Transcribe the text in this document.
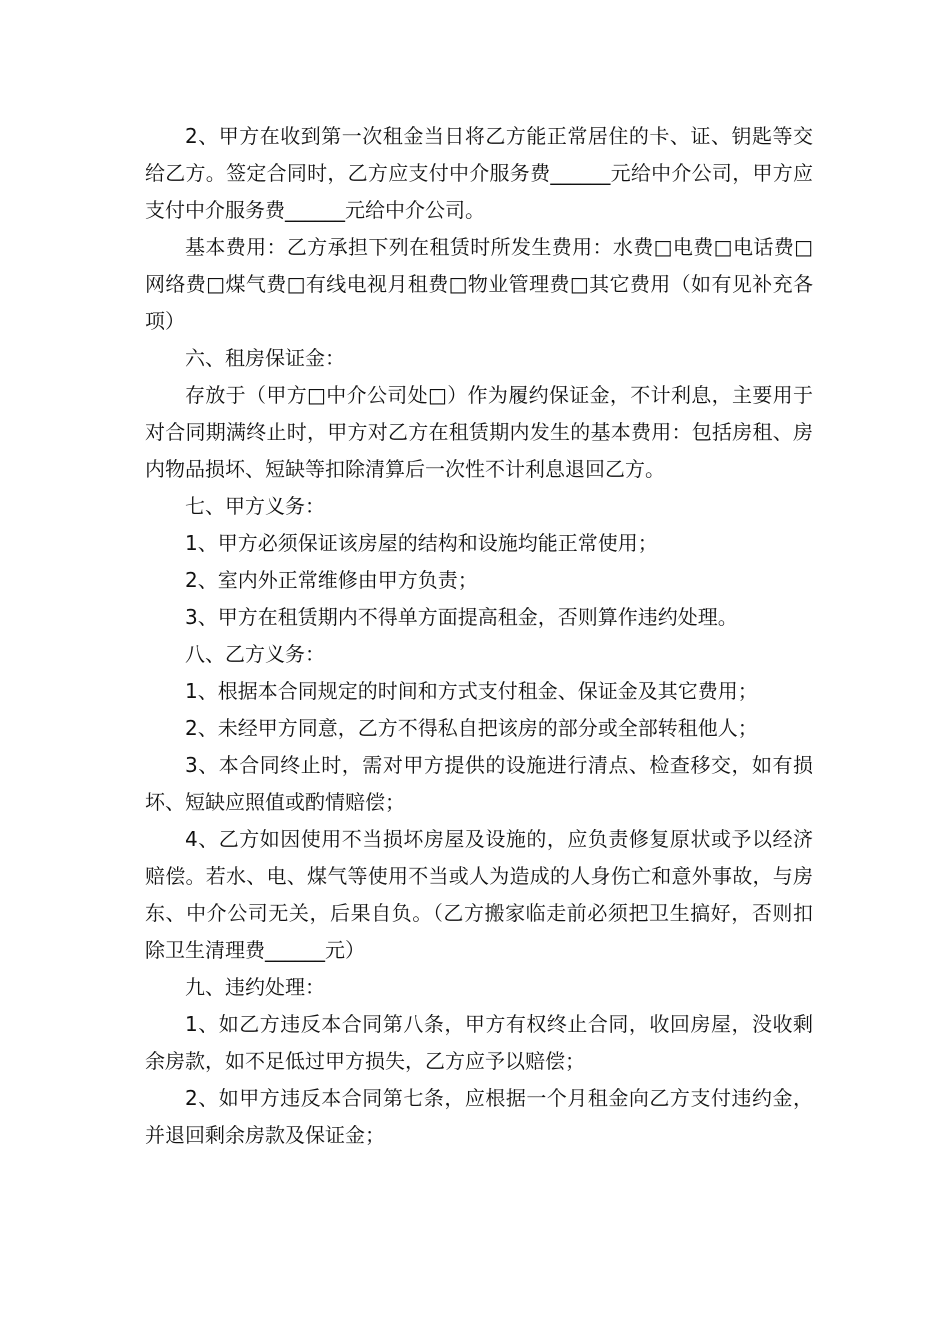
2、甲方在收到第一次租金当日将乙方能正常居住的卡、证、钥匙等交给乙方。签定合同时，乙方应支付中介服务费______元给中介公司，甲方应支付中介服务费______元给中介公司。

基本费用：乙方承担下列在租赁时所发生费用：水费□电费□电话费□网络费□煤气费□有线电视月租费□物业管理费□其它费用（如有见补充各项）

六、租房保证金：

存放于（甲方□中介公司处□）作为履约保证金，不计利息，主要用于对合同期满终止时，甲方对乙方在租赁期内发生的基本费用：包括房租、房内物品损坏、短缺等扣除清算后一次性不计利息退回乙方。

七、甲方义务：

1、甲方必须保证该房屋的结构和设施均能正常使用；

2、室内外正常维修由甲方负责；

3、甲方在租赁期内不得单方面提高租金，否则算作违约处理。

八、乙方义务：

1、根据本合同规定的时间和方式支付租金、保证金及其它费用；

2、未经甲方同意，乙方不得私自把该房的部分或全部转租他人；

3、本合同终止时，需对甲方提供的设施进行清点、检查移交，如有损坏、短缺应照值或酌情赔偿；

4、乙方如因使用不当损坏房屋及设施的，应负责修复原状或予以经济赔偿。若水、电、煤气等使用不当或人为造成的人身伤亡和意外事故，与房东、中介公司无关，后果自负。（乙方搬家临走前必须把卫生搞好，否则扣除卫生清理费______元）

九、违约处理：

1、如乙方违反本合同第八条，甲方有权终止合同，收回房屋，没收剩余房款，如不足低过甲方损失，乙方应予以赔偿；

2、如甲方违反本合同第七条，应根据一个月租金向乙方支付违约金，并退回剩余房款及保证金；
